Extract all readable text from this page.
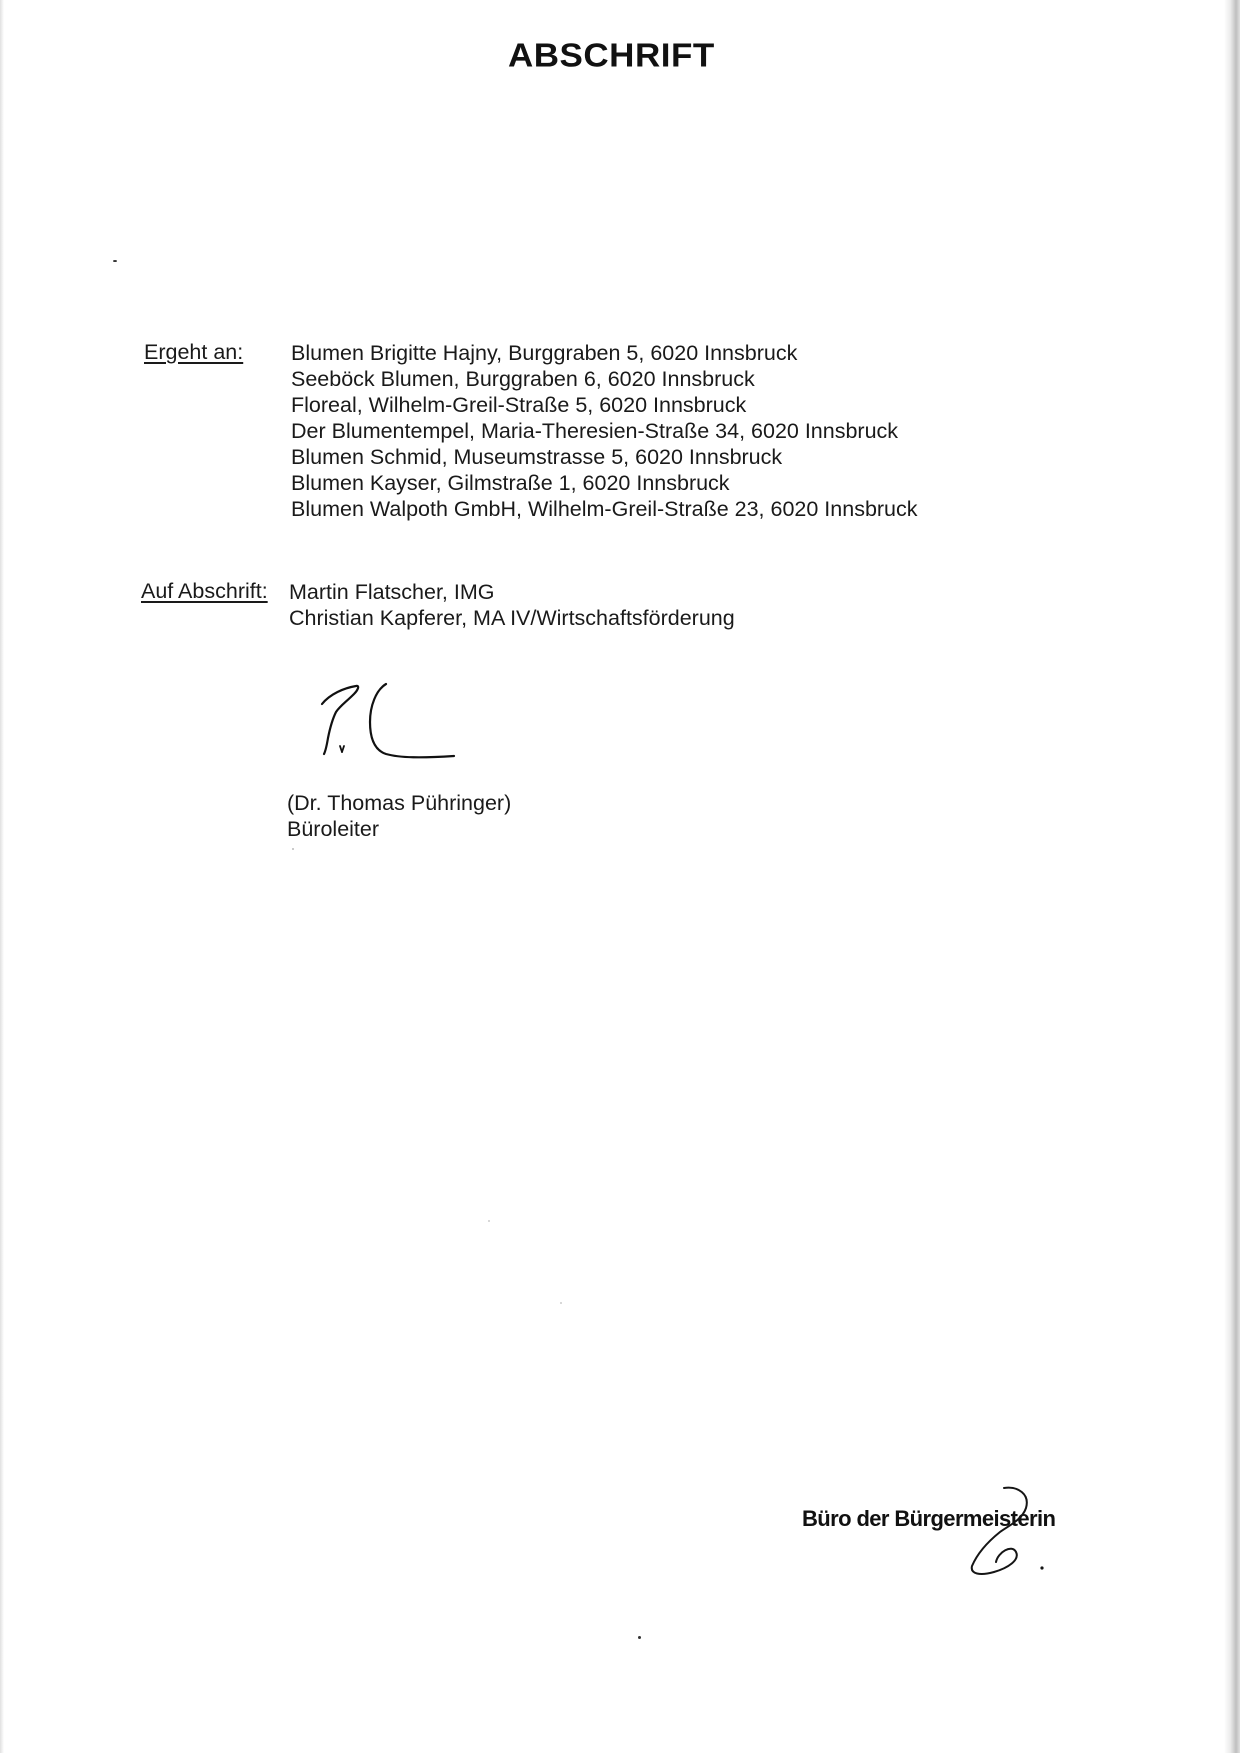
ABSCHRIFT
Ergeht an: Blumen Brigitte Hajny, Burggraben 5, 6020 Innsbruck
Seeböck Blumen, Burggraben 6, 6020 Innsbruck
Floreal, Wilhelm-Greil-Straße 5, 6020 Innsbruck
Der Blumentempel, Maria-Theresien-Straße 34, 6020 Innsbruck
Blumen Schmid, Museumstrasse 5, 6020 Innsbruck
Blumen Kayser, Gilmstraße 1, 6020 Innsbruck
Blumen Walpoth GmbH, Wilhelm-Greil-Straße 23, 6020 Innsbruck
Auf Abschrift: Martin Flatscher, IMG
Christian Kapferer, MA IV/Wirtschaftsförderung
(Dr. Thomas Pühringer)
Büroleiter
Büro der Bürgermeisterin
